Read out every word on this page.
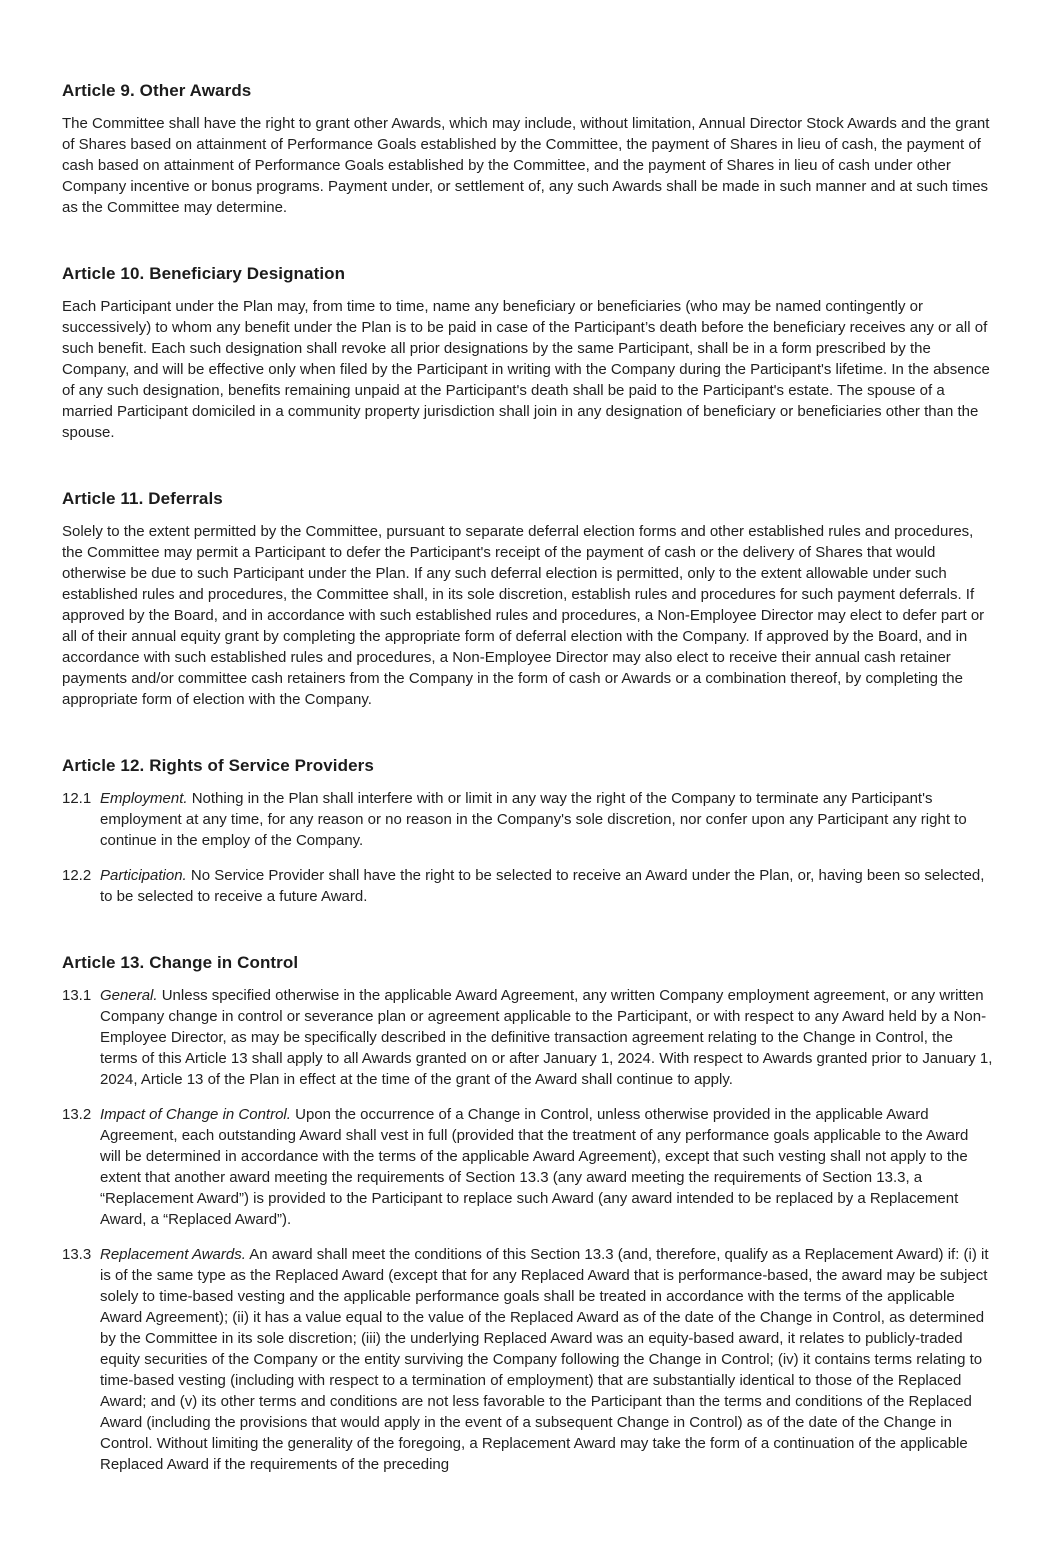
Article 9. Other Awards

The Committee shall have the right to grant other Awards, which may include, without limitation, Annual Director Stock Awards and the grant of Shares based on attainment of Performance Goals established by the Committee, the payment of Shares in lieu of cash, the payment of cash based on attainment of Performance Goals established by the Committee, and the payment of Shares in lieu of cash under other Company incentive or bonus programs. Payment under, or settlement of, any such Awards shall be made in such manner and at such times as the Committee may determine.

Article 10. Beneficiary Designation

Each Participant under the Plan may, from time to time, name any beneficiary or beneficiaries (who may be named contingently or successively) to whom any benefit under the Plan is to be paid in case of the Participant’s death before the beneficiary receives any or all of such benefit. Each such designation shall revoke all prior designations by the same Participant, shall be in a form prescribed by the Company, and will be effective only when filed by the Participant in writing with the Company during the Participant's lifetime. In the absence of any such designation, benefits remaining unpaid at the Participant's death shall be paid to the Participant's estate. The spouse of a married Participant domiciled in a community property jurisdiction shall join in any designation of beneficiary or beneficiaries other than the spouse.

Article 11. Deferrals

Solely to the extent permitted by the Committee, pursuant to separate deferral election forms and other established rules and procedures, the Committee may permit a Participant to defer the Participant's receipt of the payment of cash or the delivery of Shares that would otherwise be due to such Participant under the Plan. If any such deferral election is permitted, only to the extent allowable under such established rules and procedures, the Committee shall, in its sole discretion, establish rules and procedures for such payment deferrals. If approved by the Board, and in accordance with such established rules and procedures, a Non-Employee Director may elect to defer part or all of their annual equity grant by completing the appropriate form of deferral election with the Company. If approved by the Board, and in accordance with such established rules and procedures, a Non-Employee Director may also elect to receive their annual cash retainer payments and/or committee cash retainers from the Company in the form of cash or Awards or a combination thereof, by completing the appropriate form of election with the Company.

Article 12. Rights of Service Providers
12.1 Employment. Nothing in the Plan shall interfere with or limit in any way the right of the Company to terminate any Participant's employment at any time, for any reason or no reason in the Company's sole discretion, nor confer upon any Participant any right to continue in the employ of the Company.

12.2 Participation. No Service Provider shall have the right to be selected to receive an Award under the Plan, or, having been so selected, to be selected to receive a future Award.

Article 13. Change in Control
13.1 General. Unless specified otherwise in the applicable Award Agreement, any written Company employment agreement, or any written Company change in control or severance plan or agreement applicable to the Participant, or with respect to any Award held by a Non-Employee Director, as may be specifically described in the definitive transaction agreement relating to the Change in Control, the terms of this Article 13 shall apply to all Awards granted on or after January 1, 2024. With respect to Awards granted prior to January 1, 2024, Article 13 of the Plan in effect at the time of the grant of the Award shall continue to apply.

13.2 Impact of Change in Control. Upon the occurrence of a Change in Control, unless otherwise provided in the applicable Award Agreement, each outstanding Award shall vest in full (provided that the treatment of any performance goals applicable to the Award will be determined in accordance with the terms of the applicable Award Agreement), except that such vesting shall not apply to the extent that another award meeting the requirements of Section 13.3 (any award meeting the requirements of Section 13.3, a “Replacement Award”) is provided to the Participant to replace such Award (any award intended to be replaced by a Replacement Award, a “Replaced Award”).

13.3 Replacement Awards. An award shall meet the conditions of this Section 13.3 (and, therefore, qualify as a Replacement Award) if: (i) it is of the same type as the Replaced Award (except that for any Replaced Award that is performance-based, the award may be subject solely to time-based vesting and the applicable performance goals shall be treated in accordance with the terms of the applicable Award Agreement); (ii) it has a value equal to the value of the Replaced Award as of the date of the Change in Control, as determined by the Committee in its sole discretion; (iii) the underlying Replaced Award was an equity-based award, it relates to publicly-traded equity securities of the Company or the entity surviving the Company following the Change in Control; (iv) it contains terms relating to time-based vesting (including with respect to a termination of employment) that are substantially identical to those of the Replaced Award; and (v) its other terms and conditions are not less favorable to the Participant than the terms and conditions of the Replaced Award (including the provisions that would apply in the event of a subsequent Change in Control) as of the date of the Change in Control. Without limiting the generality of the foregoing, a Replacement Award may take the form of a continuation of the applicable Replaced Award if the requirements of the preceding
